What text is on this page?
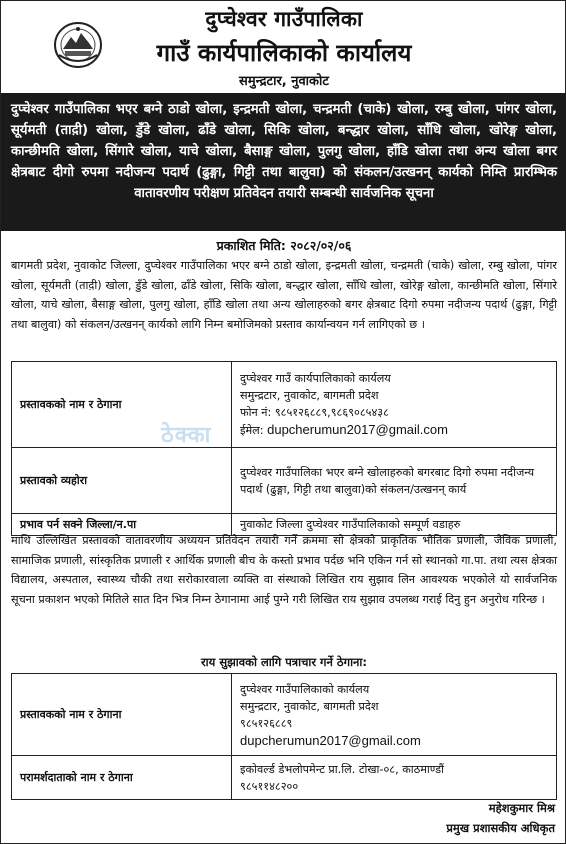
दुप्चेश्वर गाउँपालिका
गाउँ कार्यपालिकाको कार्यालय
समुन्द्रटार, नुवाकोट

दुप्चेश्वर गाउँपालिका भएर बग्ने ठाडो खोला, इन्द्रमती खोला, चन्द्रमती (चाके) खोला, रम्बु खोला, पांगर खोला, सूर्यमती (ताद़ी) खोला, डुँडे खोला, ढाँडे खोला, सिकि खोला, बन्द्धार खोला, साँधि खोला, खोरेङ्ग खोला, कान्छीमति खोला, सिंगारे खोला, याचे खोला, बैसाङ्ग खोला, पुलगु खोला, हाँडि खोला तथा अन्य खोला बगर क्षेत्रबाट दीगो रुपमा नदीजन्य पदार्थ (ढुङ्गा, गिट्टी तथा बालुवा) को संकलन/उत्खनन् कार्यको निम्ति प्रारम्भिक वातावरणीय परीक्षण प्रतिवेदन तयारी सम्बन्धी सार्वजनिक सूचना

प्रकाशित मिति: २०८२/०२/०६
बागमती प्रदेश, नुवाकोट जिल्ला, दुप्चेश्वर गाउँपालिका भएर बग्ने ठाडो खोला, इन्द्रमती खोला, चन्द्रमती (चाके) खोला, रम्बु खोला, पांगर खोला, सूर्यमती (ताद़ी) खोला, डुँडे खोला, ढाँडे खोला, सिकि खोला, बन्द्धार खोला, साँधि खोला, खोरेङ्ग खोला, कान्छीमति खोला, सिंगारे खोला, याचे खोला, बैसाङ्ग खोला, पुलगु खोला, हाँडि खोला तथा अन्य खोलाहरुको बगर क्षेत्रबाट दिगो रुपमा नदीजन्य पदार्थ (ढुङ्गा, गिट्टी तथा बालुवा) को संकलन/उत्खनन् कार्यको लागि निम्न बमोजिमको प्रस्ताव कार्यान्वयन गर्न लागिएको छ ।
प्रस्तावकको नाम र ठेगाना	दुप्चेश्वर गाउँ कार्यपालिकाको कार्यलय
समुन्द्रटार, नुवाकोट, बागमती प्रदेश
फोन नं: ९८५१२६८८९,९८६९०८५४३८
ईमेल: dupcherumun2017@gmail.com

प्रस्तावको व्यहोरा	दुप्चेश्वर गाउँपालिका भएर बग्ने खोलाहरुको बगरबाट दिगो रुपमा नदीजन्य पदार्थ (ढुङ्गा, गिट्टी तथा बालुवा)को संकलन/उत्खनन् कार्य
प्रभाव पर्न सक्ने जिल्ला/न.पा	नुवाकोट जिल्ला दुप्चेश्वर गाउँपालिकाको सम्पूर्ण वडाहरु
ठेक्का
माथि उल्लिखित प्रस्तावको वातावरणीय अध्ययन प्रतिवेदन तयारी गर्ने क्रममा सो क्षेत्रको प्राकृतिक भौतिक प्रणाली, जैविक प्रणाली, सामाजिक प्रणाली, सांस्कृतिक प्रणाली र आर्थिक प्रणाली बीच के कस्तो प्रभाव पर्दछ भनि एकिन गर्न सो स्थानको गा.पा. तथा त्यस क्षेत्रका विद्यालय, अस्पताल, स्वास्थ्य चौकी तथा सरोकारवाला व्यक्ति वा संस्थाको लिखित राय सुझाव लिन आवश्यक भएकोले यो सार्वजनिक सूचना प्रकाशन भएको मितिले सात दिन भित्र निम्न ठेगानामा आई पुग्ने गरी लिखित राय सुझाव उपलब्ध गराई दिनु हुन अनुरोध गरिन्छ ।
राय सुझावको लागि पत्राचार गर्ने ठेगाना:
प्रस्तावकको नाम र ठेगाना	दुप्चेश्वर गाउँपालिकाको कार्यलय
समुन्द्रटार, नुवाकोट, बागमती प्रदेश
९८५१२६८८९
dupcherumun2017@gmail.com

परामर्शदाताको नाम र ठेगाना	इकोवर्ल्ड डेभलोपमेन्ट प्रा.लि. टोखा-०८, काठमाण्डौं
९८५११४८२००
महेशकुमार मिश्र
प्रमुख प्रशासकीय अधिकृत
